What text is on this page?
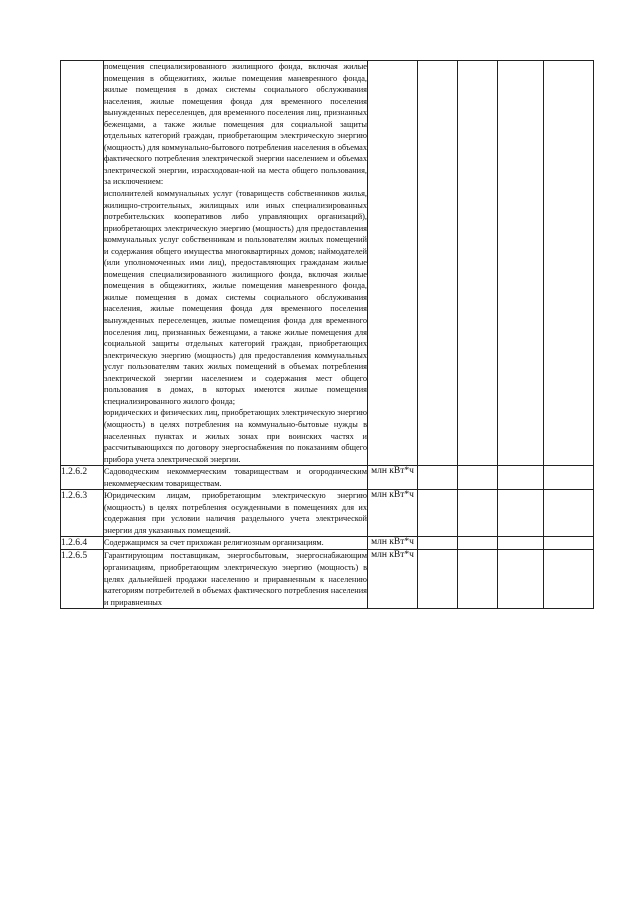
	помещения специализированного жилищного фонда, включая жилые помещения в общежитиях, жилые помещения маневренного фонда, жилые помещения в домах системы социального обслуживания населения, жилые помещения фонда для временного поселения вынужденных переселенцев, для временного поселения лиц, признанных беженцами, а также жилые помещения для социальной защиты отдельных категорий граждан, приобретающим электрическую энергию (мощность) для коммунально-бытового потребления населения в объемах фактического потребления электрической энергии населением и объемах электрической энергии, израсходован-ной на места общего пользования, за исключением:

исполнителей коммунальных услуг (товариществ собственников жилья, жилищно-строительных, жилищных или иных специализированных потребительских кооперативов либо управляющих организаций), приобретающих электрическую энергию (мощность) для предоставления коммунальных услуг собственникам и пользователям жилых помещений и содержания общего имущества многоквартирных домов; наймодателей (или уполномоченных ими лиц), предоставляющих гражданам жилые помещения специализированного жилищного фонда, включая жилые помещения в общежитиях, жилые помещения маневренного фонда, жилые помещения в домах системы социального обслуживания населения, жилые помещения фонда для временного поселения вынужденных переселенцев, жилые помещения фонда для временного поселения лиц, признанных беженцами, а также жилые помещения для социальной защиты отдельных категорий граждан, приобретающих электрическую энергию (мощность) для предоставления коммунальных услуг пользователям таких жилых помещений в объемах потребления электрической энергии населением и содержания мест общего пользования в домах, в которых имеются жилые помещения специализированного жилого фонда;

юридических и физических лиц, приобретающих электрическую энергию (мощность) в целях потребления на коммунально-бытовые нужды в населенных пунктах и жилых зонах при воинских частях и рассчитывающихся по договору энергоснабжения по показаниям общего прибора учета электрической энергии.					

1.2.6.2	Садоводческим некоммерческим товариществам и огородническим некоммерческим товариществам.	млн кВт*ч				
1.2.6.3	Юридическим лицам, приобретающим электрическую энергию (мощность) в целях потребления осужденными в помещениях для их содержания при условии наличия раздельного учета электрической энергии для указанных помещений.	млн кВт*ч				
1.2.6.4	Содержащимся за счет прихожан религиозным организациям.	млн кВт*ч				
1.2.6.5	Гарантирующим поставщикам, энергосбытовым, энергоснабжающим организациям, приобретающим электрическую энергию (мощность) в целях дальнейшей продажи населению и приравненным к населению категориям потребителей в объемах фактического потребления населения и приравненных	млн кВт*ч				
